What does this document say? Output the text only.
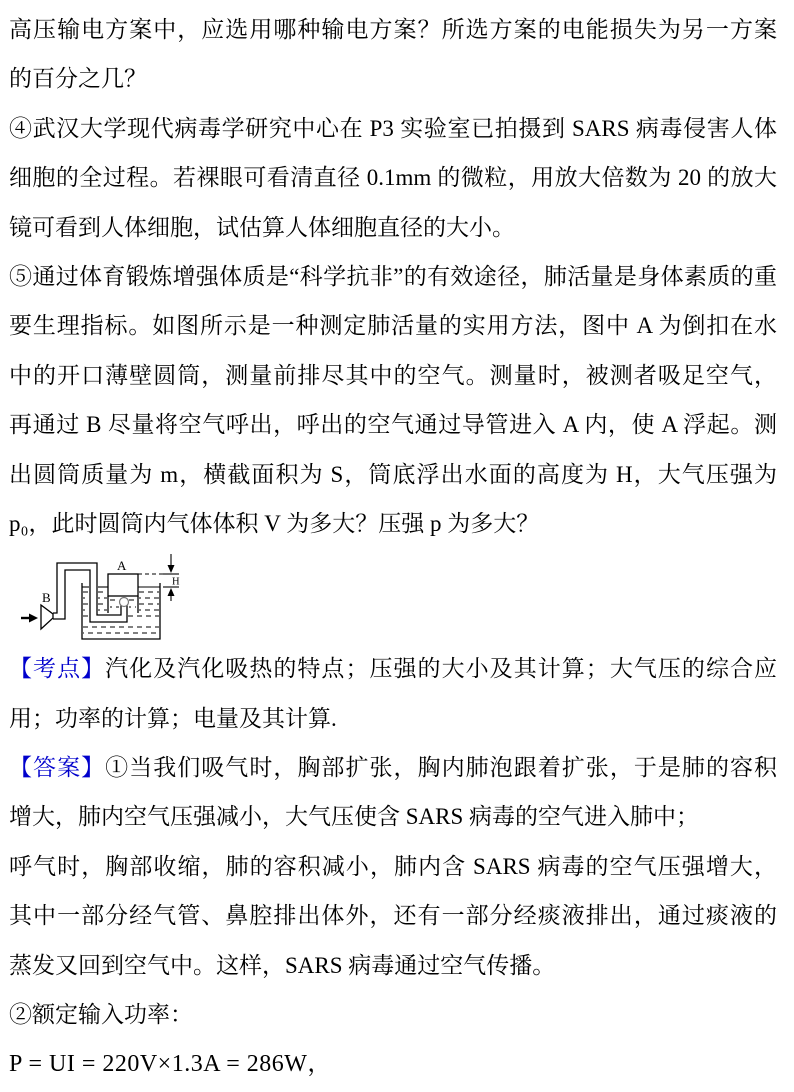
高压输电方案中，应选用哪种输电方案？所选方案的电能损失为另一方案
的百分之几？
④武汉大学现代病毒学研究中心在 P3 实验室已拍摄到 SARS 病毒侵害人体
细胞的全过程。若裸眼可看清直径 0.1mm 的微粒，用放大倍数为 20 的放大
镜可看到人体细胞，试估算人体细胞直径的大小。
⑤通过体育锻炼增强体质是“科学抗非”的有效途径，肺活量是身体素质的重
要生理指标。如图所示是一种测定肺活量的实用方法，图中 A 为倒扣在水
中的开口薄壁圆筒，测量前排尽其中的空气。测量时，被测者吸足空气，
再通过 B 尽量将空气呼出，呼出的空气通过导管进入 A 内，使 A 浮起。测
出圆筒质量为 m，横截面积为 S，筒底浮出水面的高度为 H，大气压强为
p₀，此时圆筒内气体体积 V 为多大？压强 p 为多大？
A
B
H
【考点】汽化及汽化吸热的特点；压强的大小及其计算；大气压的综合应
用；功率的计算；电量及其计算.
【答案】①当我们吸气时，胸部扩张，胸内肺泡跟着扩张，于是肺的容积
增大，肺内空气压强减小，大气压使含 SARS 病毒的空气进入肺中；
呼气时，胸部收缩，肺的容积减小，肺内含 SARS 病毒的空气压强增大，
其中一部分经气管、鼻腔排出体外，还有一部分经痰液排出，通过痰液的
蒸发又回到空气中。这样，SARS 病毒通过空气传播。
②额定输入功率：
P = UI = 220V×1.3A = 286W，
